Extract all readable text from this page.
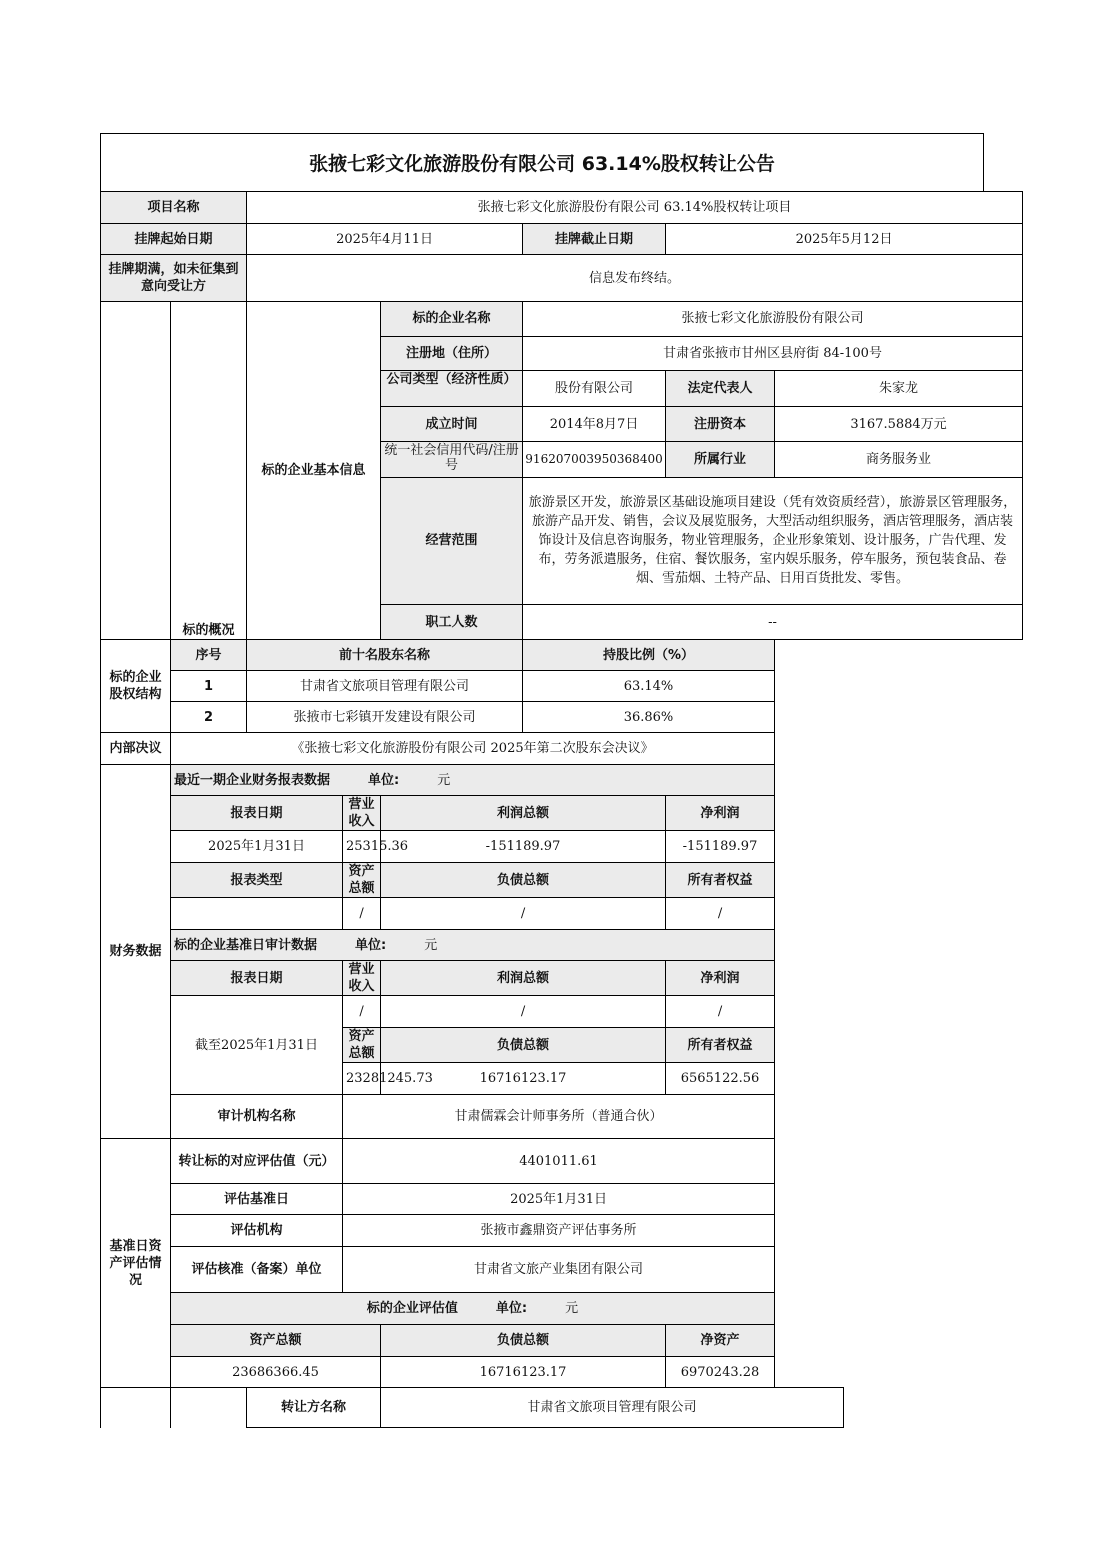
张掖七彩文化旅游股份有限公司 63.14%股权转让公告
项目名称		张掖七彩文化旅游股份有限公司 63.14%股权转让项目					
挂牌起始日期		2025年4月11日			挂牌截止日期	2025年5月12日	
挂牌期满，如未征集到意向受让方		信息发布终结。					
	标的概况	标的企业基本信息		标的企业名称	张掖七彩文化旅游股份有限公司		
				注册地（住所）	甘肃省张掖市甘州区县府街 84-100号		
				公司类型（经济性质）	股份有限公司	法定代表人	朱家龙
				成立时间	2014年8月7日	注册资本	3167.5884万元
				统一社会信用代码/注册号	916207003950368400	所属行业	商务服务业
				经营范围	旅游景区开发，旅游景区基础设施项目建设（凭有效资质经营），旅游景区管理服务，旅游产品开发、销售，会议及展览服务，大型活动组织服务，酒店管理服务，酒店装饰设计及信息咨询服务，物业管理服务，企业形象策划、设计服务，广告代理、发布，劳务派遣服务，住宿、餐饮服务，室内娱乐服务，停车服务，预包装食品、卷烟、雪茄烟、土特产品、日用百货批发、零售。		
				职工人数	--		
标的企业股权结构	序号	前十名股东名称			持股比例（%）		
	1	甘肃省文旅项目管理有限公司			63.14%		
	2	张掖市七彩镇开发建设有限公司			36.86%		
内部决议	《张掖七彩文化旅游股份有限公司 2025年第二次股东会决议》						
财务数据	最近一期企业财务报表数据 单位: 元						
	报表日期		营业收入	利润总额		净利润	
	2025年1月31日		25315.36	-151189.97		-151189.97	
	报表类型		资产总额	负债总额		所有者权益	
			/	/		/	
	标的企业基准日审计数据 单位: 元						
	报表日期		营业收入	利润总额		净利润	
	截至2025年1月31日		/	/		/	
			资产总额	负债总额		所有者权益	
			23281245.73	16716123.17		6565122.56	
	审计机构名称		甘肃儒霖会计师事务所（普通合伙）				
基准日资产评估情况	转让标的对应评估值（元）		4401011.61				
	评估基准日		2025年1月31日				
	评估机构		张掖市鑫鼎资产评估事务所				
	评估核准（备案）单位		甘肃省文旅产业集团有限公司				
	标的企业评估值 单位: 元						
	资产总额			负债总额		净资产	
	23686366.45			16716123.17		6970243.28	
		转让方名称		甘肃省文旅项目管理有限公司			
